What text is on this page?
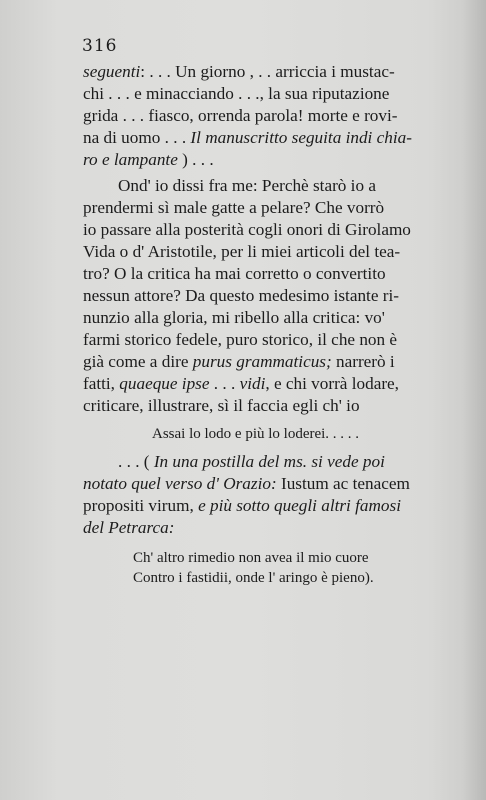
316
seguenti: . . . Un giorno , . . arriccia i mustac-
chi . . . e minacciando . . ., la sua riputazione
grida . . . fiasco, orrenda parola! morte e rovi-
na di uomo . . . Il manuscritto seguita indi chia-
ro e lampante ) . . .
Ond' io dissi fra me: Perchè starò io a
prendermi sì male gatte a pelare? Che vorrò
io passare alla posterità cogli onori di Girolamo
Vida o d' Aristotile, per li miei articoli del tea-
tro? O la critica ha mai corretto o convertito
nessun attore? Da questo medesimo istante ri-
nunzio alla gloria, mi ribello alla critica: vo'
farmi storico fedele, puro storico, il che non è
già come a dire purus grammaticus; narrerò i
fatti, quaeque ipse . . . vidi, e chi vorrà lodare,
criticare, illustrare, sì il faccia egli ch' io
Assai lo lodo e più lo loderei. . . . .
. . . ( In una postilla del ms. si vede poi
notato quel verso d' Orazio: Iustum ac tenacem
propositi virum, e più sotto quegli altri famosi
del Petrarca:
Ch' altro rimedio non avea il mio cuore
Contro i fastidii, onde l' aringo è pieno).
